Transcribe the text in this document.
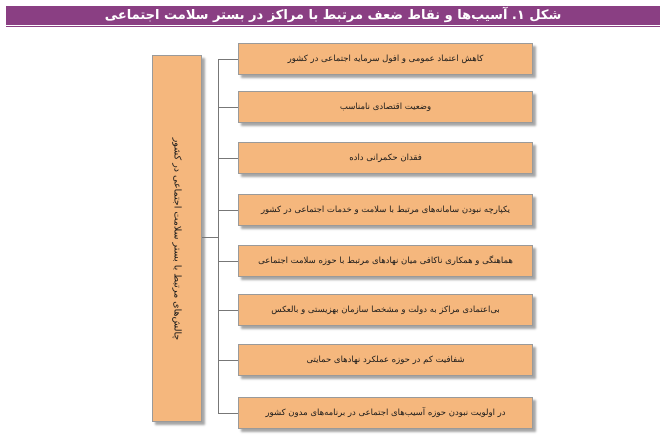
شکل ۱. آسیب‌ها و نقاط ضعف مرتبط با مراکز در بستر سلامت اجتماعی
چالش‌های مرتبط با بستر سلامت اجتماعی در کشور
کاهش اعتماد عمومی و افول سرمایه اجتماعی در کشور
وضعیت اقتصادی نامناسب
فقدان حکمرانی داده
یکپارچه نبودن سامانه‌های مرتبط با سلامت و خدمات اجتماعی در کشور
هماهنگی و همکاری ناکافی میان نهادهای مرتبط با حوزه سلامت اجتماعی
بی‌اعتمادی مراکز به دولت و مشخصا سازمان بهزیستی و بالعکس
شفافیت کم در حوزه عملکرد نهادهای حمایتی
در اولویت نبودن حوزه آسیب‌های اجتماعی در برنامه‌های مدون کشور
